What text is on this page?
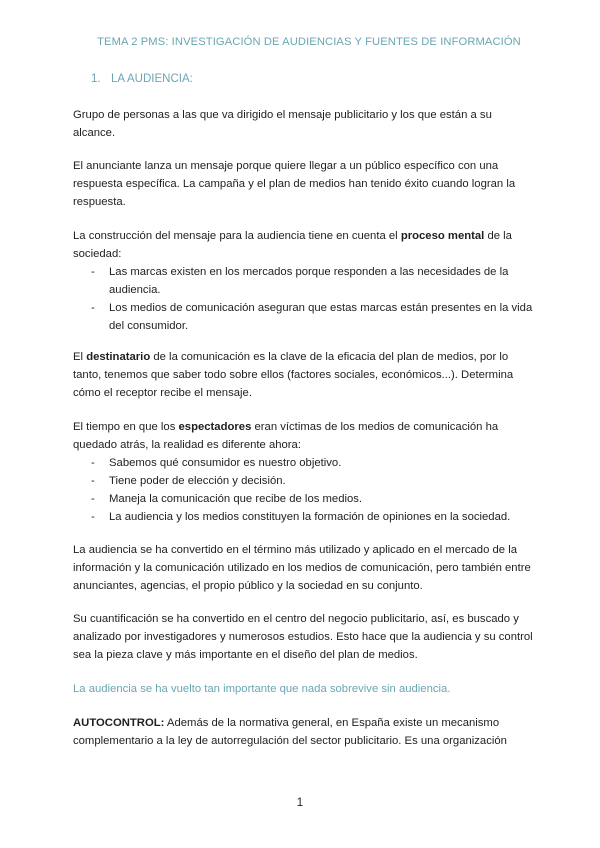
TEMA 2 PMS: INVESTIGACIÓN DE AUDIENCIAS Y FUENTES DE INFORMACIÓN
1. LA AUDIENCIA:

Grupo de personas a las que va dirigido el mensaje publicitario y los que están a su alcance.

El anunciante lanza un mensaje porque quiere llegar a un público específico con una respuesta específica. La campaña y el plan de medios han tenido éxito cuando logran la respuesta.

La construcción del mensaje para la audiencia tiene en cuenta el proceso mental de la sociedad:

- Las marcas existen en los mercados porque responden a las necesidades de la audiencia.
- Los medios de comunicación aseguran que estas marcas están presentes en la vida del consumidor.

El destinatario de la comunicación es la clave de la eficacia del plan de medios, por lo tanto, tenemos que saber todo sobre ellos (factores sociales, económicos...). Determina cómo el receptor recibe el mensaje.

El tiempo en que los espectadores eran víctimas de los medios de comunicación ha quedado atrás, la realidad es diferente ahora:

- Sabemos qué consumidor es nuestro objetivo.
- Tiene poder de elección y decisión.
- Maneja la comunicación que recibe de los medios.
- La audiencia y los medios constituyen la formación de opiniones en la sociedad.

La audiencia se ha convertido en el término más utilizado y aplicado en el mercado de la información y la comunicación utilizado en los medios de comunicación, pero también entre anunciantes, agencias, el propio público y la sociedad en su conjunto.

Su cuantificación se ha convertido en el centro del negocio publicitario, así, es buscado y analizado por investigadores y numerosos estudios. Esto hace que la audiencia y su control sea la pieza clave y más importante en el diseño del plan de medios.

La audiencia se ha vuelto tan importante que nada sobrevive sin audiencia.

AUTOCONTROL: Además de la normativa general, en España existe un mecanismo complementario a la ley de autorregulación del sector publicitario. Es una organización

1
